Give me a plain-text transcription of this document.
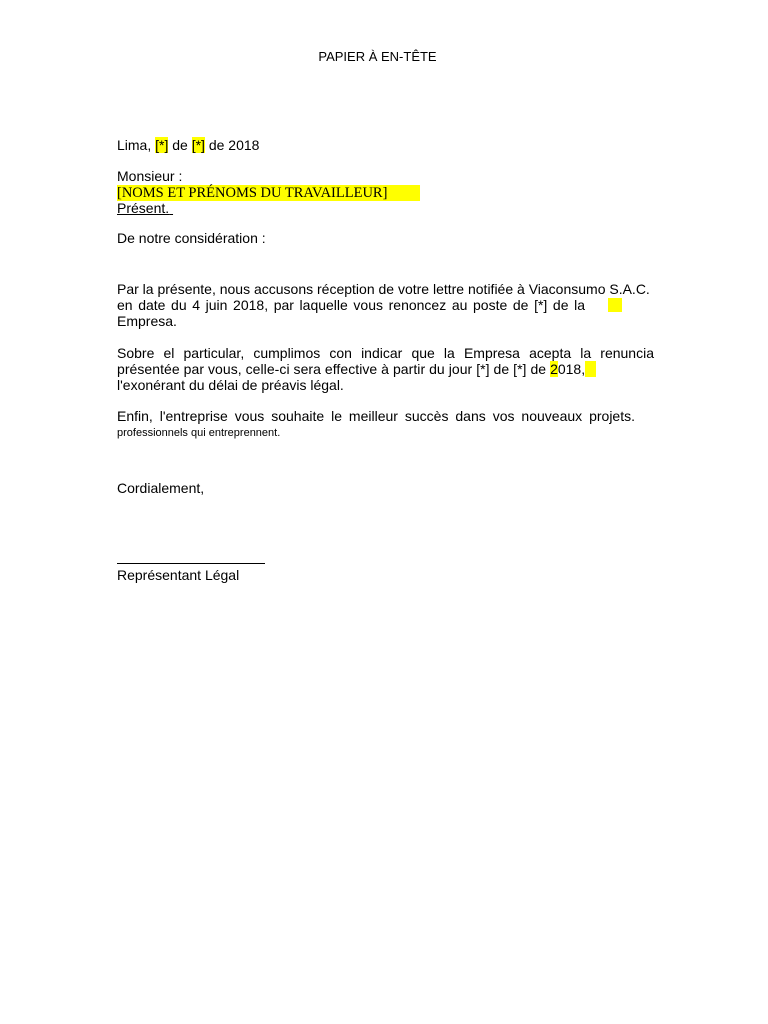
PAPIER À EN-TÊTE
Lima, [*] de [*] de 2018
Monsieur :
[NOMS ET PRÉNOMS DU TRAVAILLEUR]
Présent.
De notre considération :
Par la présente, nous accusons réception de votre lettre notifiée à Viaconsumo S.A.C.
en date du 4 juin 2018, par laquelle vous renoncez au poste de [*] de la
Empresa.
Sobre el particular, cumplimos con indicar que la Empresa acepta la renuncia
présentée par vous, celle-ci sera effective à partir du jour [*] de [*] de 2018,
l'exonérant du délai de préavis légal.
Enfin, l'entreprise vous souhaite le meilleur succès dans vos nouveaux projets.
professionnels qui entreprennent.
Cordialement,
Représentant Légal
